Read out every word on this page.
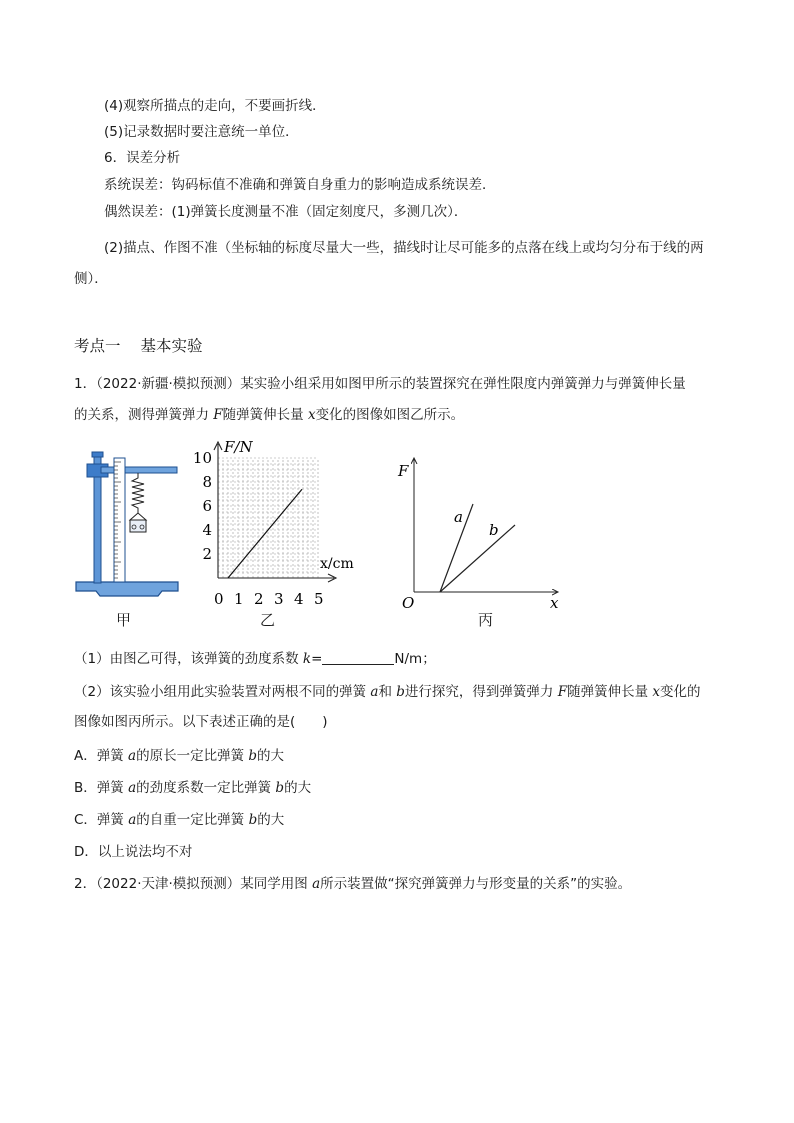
(4)观察所描点的走向，不要画折线．
(5)记录数据时要注意统一单位．
6．误差分析
系统误差：钩码标值不准确和弹簧自身重力的影响造成系统误差．
偶然误差：(1)弹簧长度测量不准（固定刻度尺，多测几次）．
(2)描点、作图不准（坐标轴的标度尽量大一些，描线时让尽可能多的点落在线上或均匀分布于线的两
侧）．
考点一 基本实验
1．（2022·新疆·模拟预测）某实验小组采用如图甲所示的装置探究在弹性限度内弹簧弹力与弹簧伸长量
的关系，测得弹簧弹力 F随弹簧伸长量 x变化的图像如图乙所示。
甲
0 1 2 3 4 5
2
4
6
8
10
F/N
x/cm
乙
F
x
O
a
b
丙
（1）由图乙可得，该弹簧的劲度系数 k=	N/m；
（2）该实验小组用此实验装置对两根不同的弹簧 a和 b进行探究，得到弹簧弹力 F随弹簧伸长量 x变化的
图像如图丙所示。以下表述正确的是(　　)
A．弹簧 a的原长一定比弹簧 b的大
B．弹簧 a的劲度系数一定比弹簧 b的大
C．弹簧 a的自重一定比弹簧 b的大
D．以上说法均不对
2．（2022·天津·模拟预测）某同学用图 a所示装置做“探究弹簧弹力与形变量的关系”的实验。
